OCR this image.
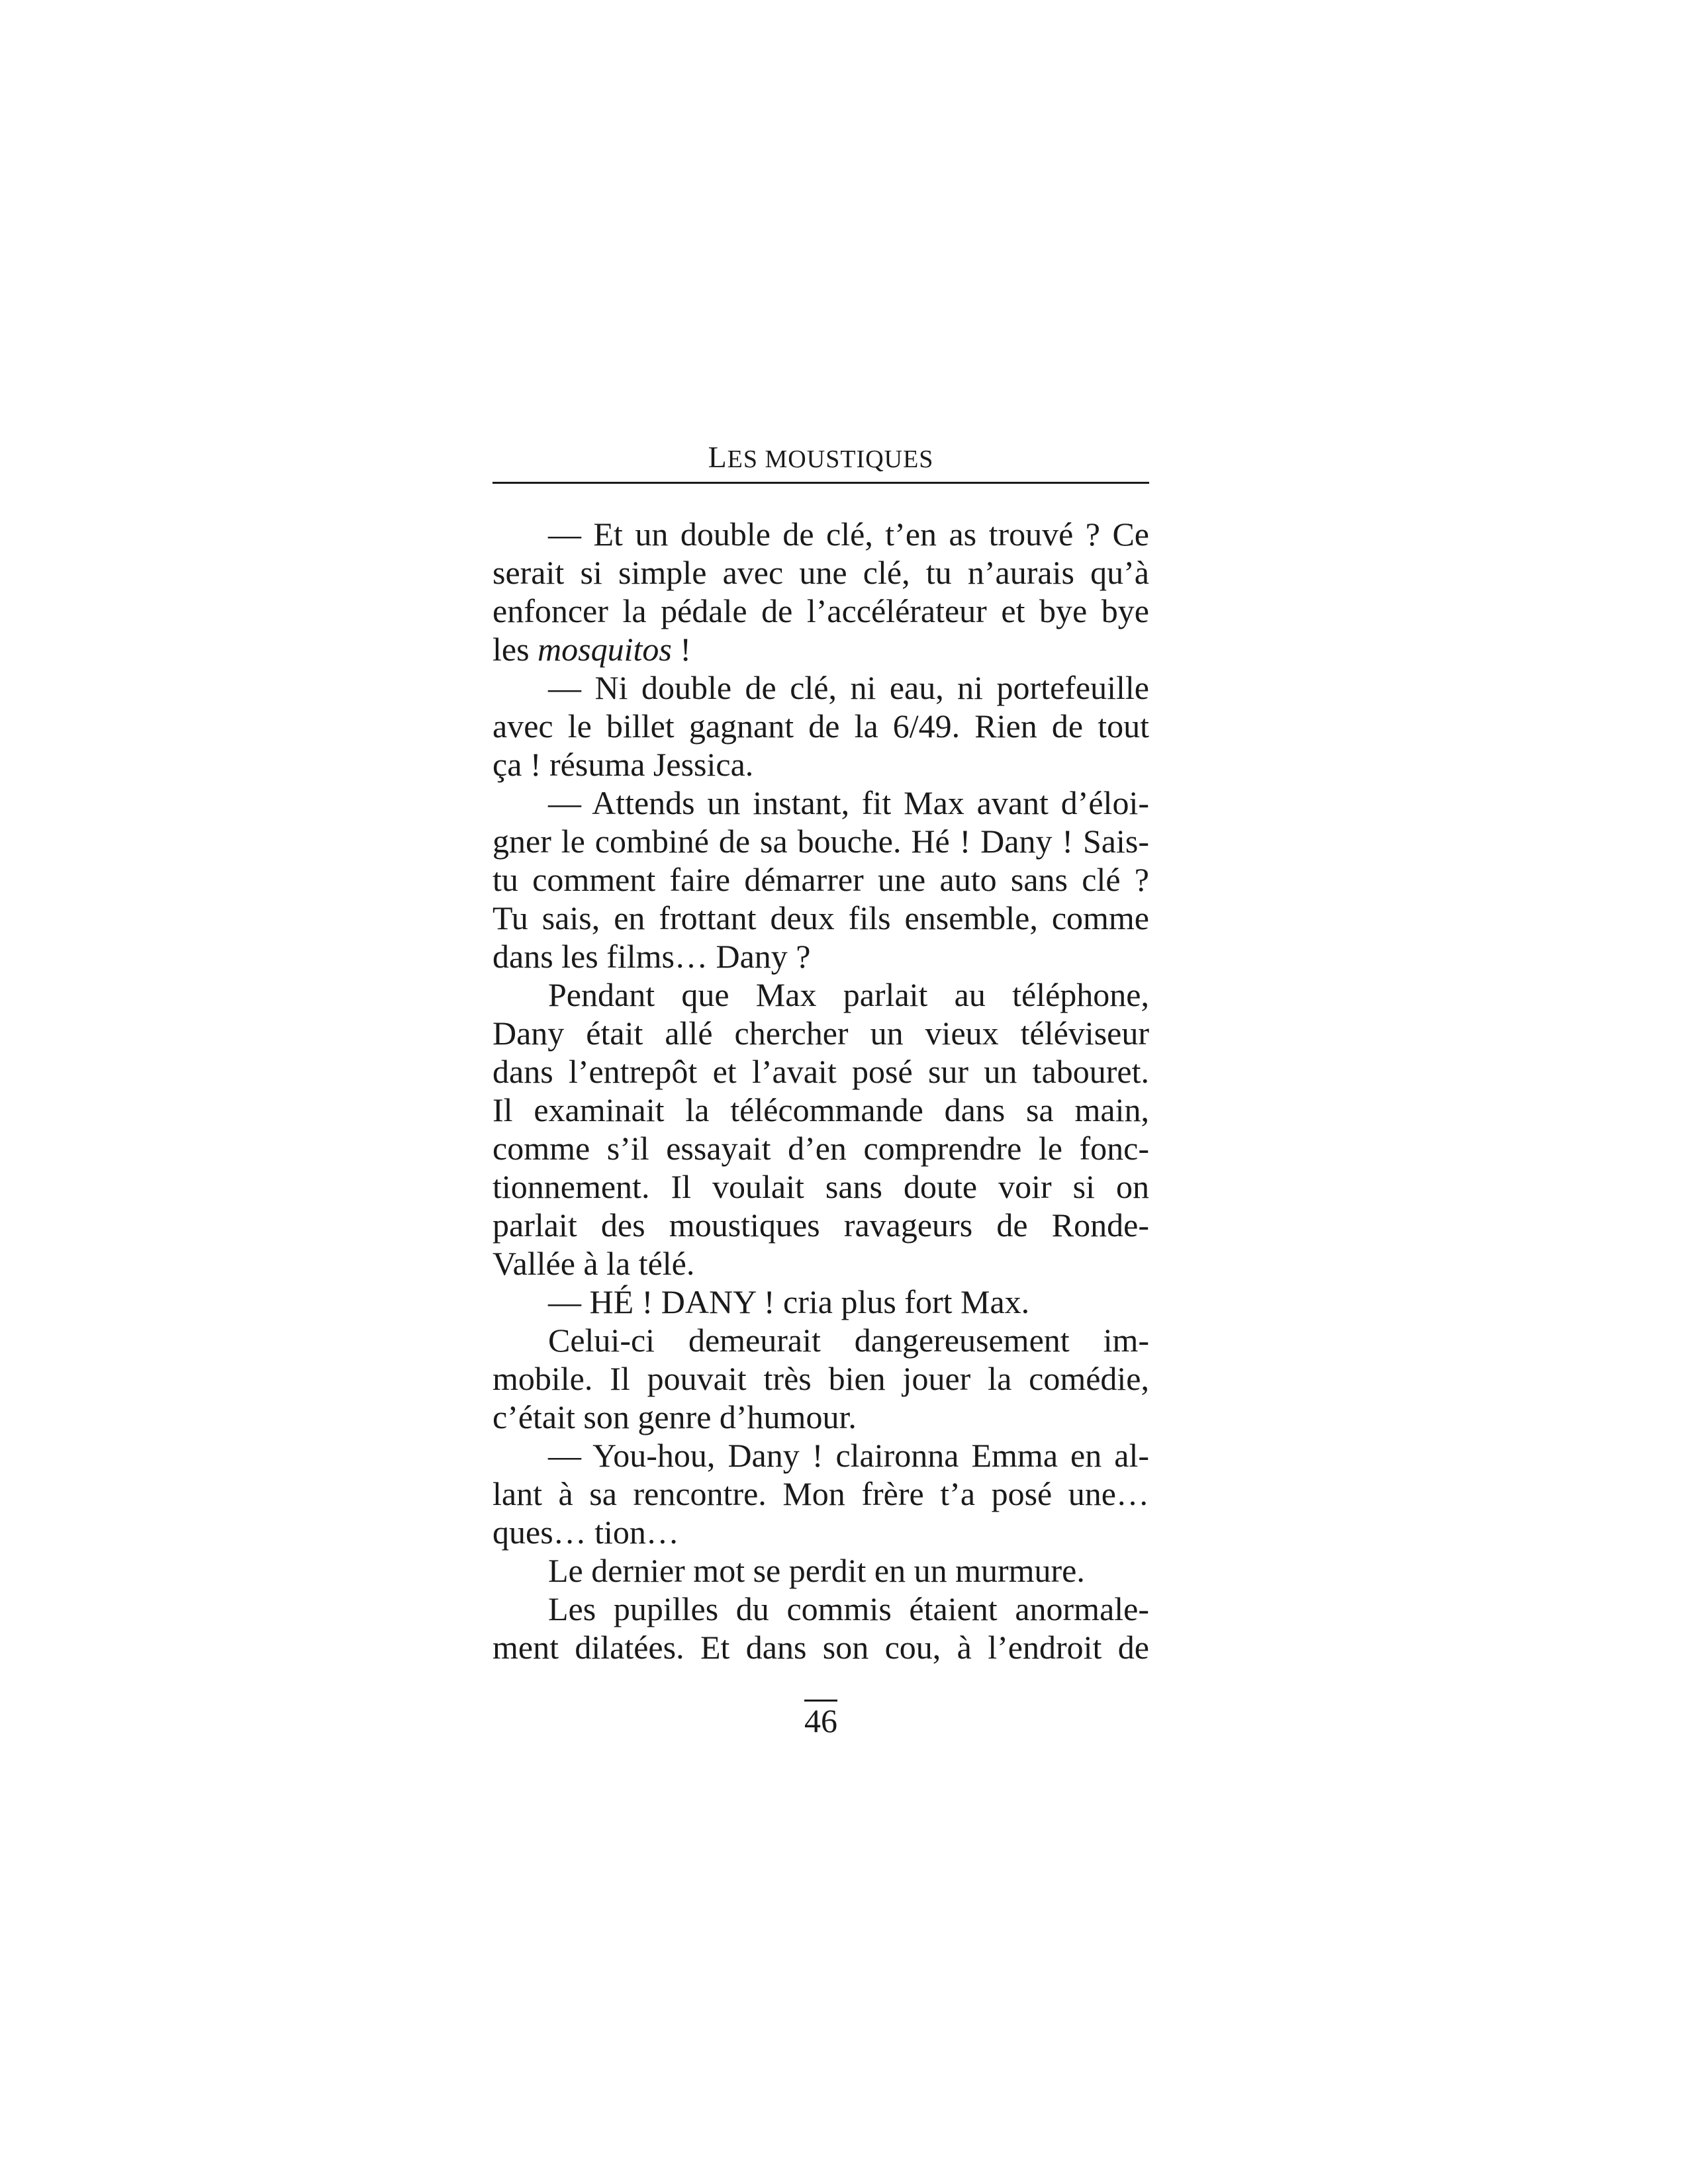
LES MOUSTIQUES
— Et un double de clé, t’en as trouvé ? Ce
serait si simple avec une clé, tu n’aurais qu’à
enfoncer la pédale de l’accélérateur et bye bye
les mosquitos !
— Ni double de clé, ni eau, ni portefeuille
avec le billet gagnant de la 6/49. Rien de tout
ça ! résuma Jessica.
— Attends un instant, fit Max avant d’éloi-
gner le combiné de sa bouche. Hé ! Dany ! Sais-
tu comment faire démarrer une auto sans clé ?
Tu sais, en frottant deux fils ensemble, comme
dans les films… Dany ?
Pendant que Max parlait au téléphone,
Dany était allé chercher un vieux téléviseur
dans l’entrepôt et l’avait posé sur un tabouret.
Il examinait la télécommande dans sa main,
comme s’il essayait d’en comprendre le fonc-
tionnement. Il voulait sans doute voir si on
parlait des moustiques ravageurs de Ronde-
Vallée à la télé.
— HÉ ! DANY ! cria plus fort Max.
Celui-ci demeurait dangereusement im-
mobile. Il pouvait très bien jouer la comédie,
c’était son genre d’humour.
— You-hou, Dany ! claironna Emma en al-
lant à sa rencontre. Mon frère t’a posé une…
ques… tion…
Le dernier mot se perdit en un murmure.
Les pupilles du commis étaient anormale-
ment dilatées. Et dans son cou, à l’endroit de
46
